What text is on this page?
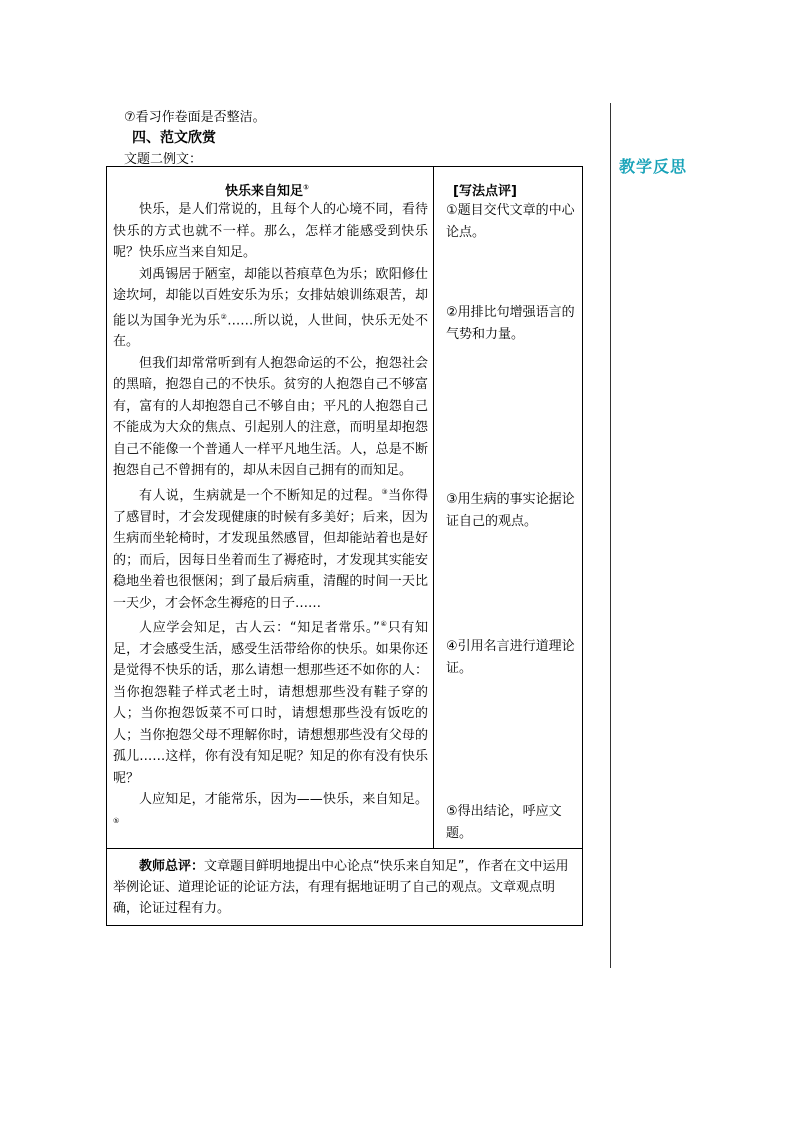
教学反思
⑦看习作卷面是否整洁。
四、范文欣赏
文题二例文：
快乐来自知足①

快乐，是人们常说的，且每个人的心境不同，看待快乐的方式也就不一样。那么，怎样才能感受到快乐呢？快乐应当来自知足。

刘禹锡居于陋室，却能以苔痕草色为乐；欧阳修仕途坎坷，却能以百姓安乐为乐；女排姑娘训练艰苦，却能以为国争光为乐②……所以说，人世间，快乐无处不在。

但我们却常常听到有人抱怨命运的不公，抱怨社会的黑暗，抱怨自己的不快乐。贫穷的人抱怨自己不够富有，富有的人却抱怨自己不够自由；平凡的人抱怨自己不能成为大众的焦点、引起别人的注意，而明星却抱怨自己不能像一个普通人一样平凡地生活。人，总是不断抱怨自己不曾拥有的，却从未因自己拥有的而知足。

有人说，生病就是一个不断知足的过程。③当你得了感冒时，才会发现健康的时候有多美好；后来，因为生病而坐轮椅时，才发现虽然感冒，但却能站着也是好的；而后，因每日坐着而生了褥疮时，才发现其实能安稳地坐着也很惬闲；到了最后病重，清醒的时间一天比一天少，才会怀念生褥疮的日子……

人应学会知足，古人云：“知足者常乐。”④只有知足，才会感受生活，感受生活带给你的快乐。如果你还是觉得不快乐的话，那么请想一想那些还不如你的人：当你抱怨鞋子样式老土时，请想想那些没有鞋子穿的人；当你抱怨饭菜不可口时，请想想那些没有饭吃的人；当你抱怨父母不理解你时，请想想那些没有父母的孤儿……这样，你有没有知足呢？知足的你有没有快乐呢？

人应知足，才能常乐，因为——快乐，来自知足。⑤

[写法点评]
①题目交代文章的中心论点。
②用排比句增强语言的气势和力量。
③用生病的事实论据论证自己的观点。
④引用名言进行道理论证。
⑤得出结论，呼应文题。
教师总评：文章题目鲜明地提出中心论点“快乐来自知足”，作者在文中运用举例论证、道理论证的论证方法，有理有据地证明了自己的观点。文章观点明确，论证过程有力。
